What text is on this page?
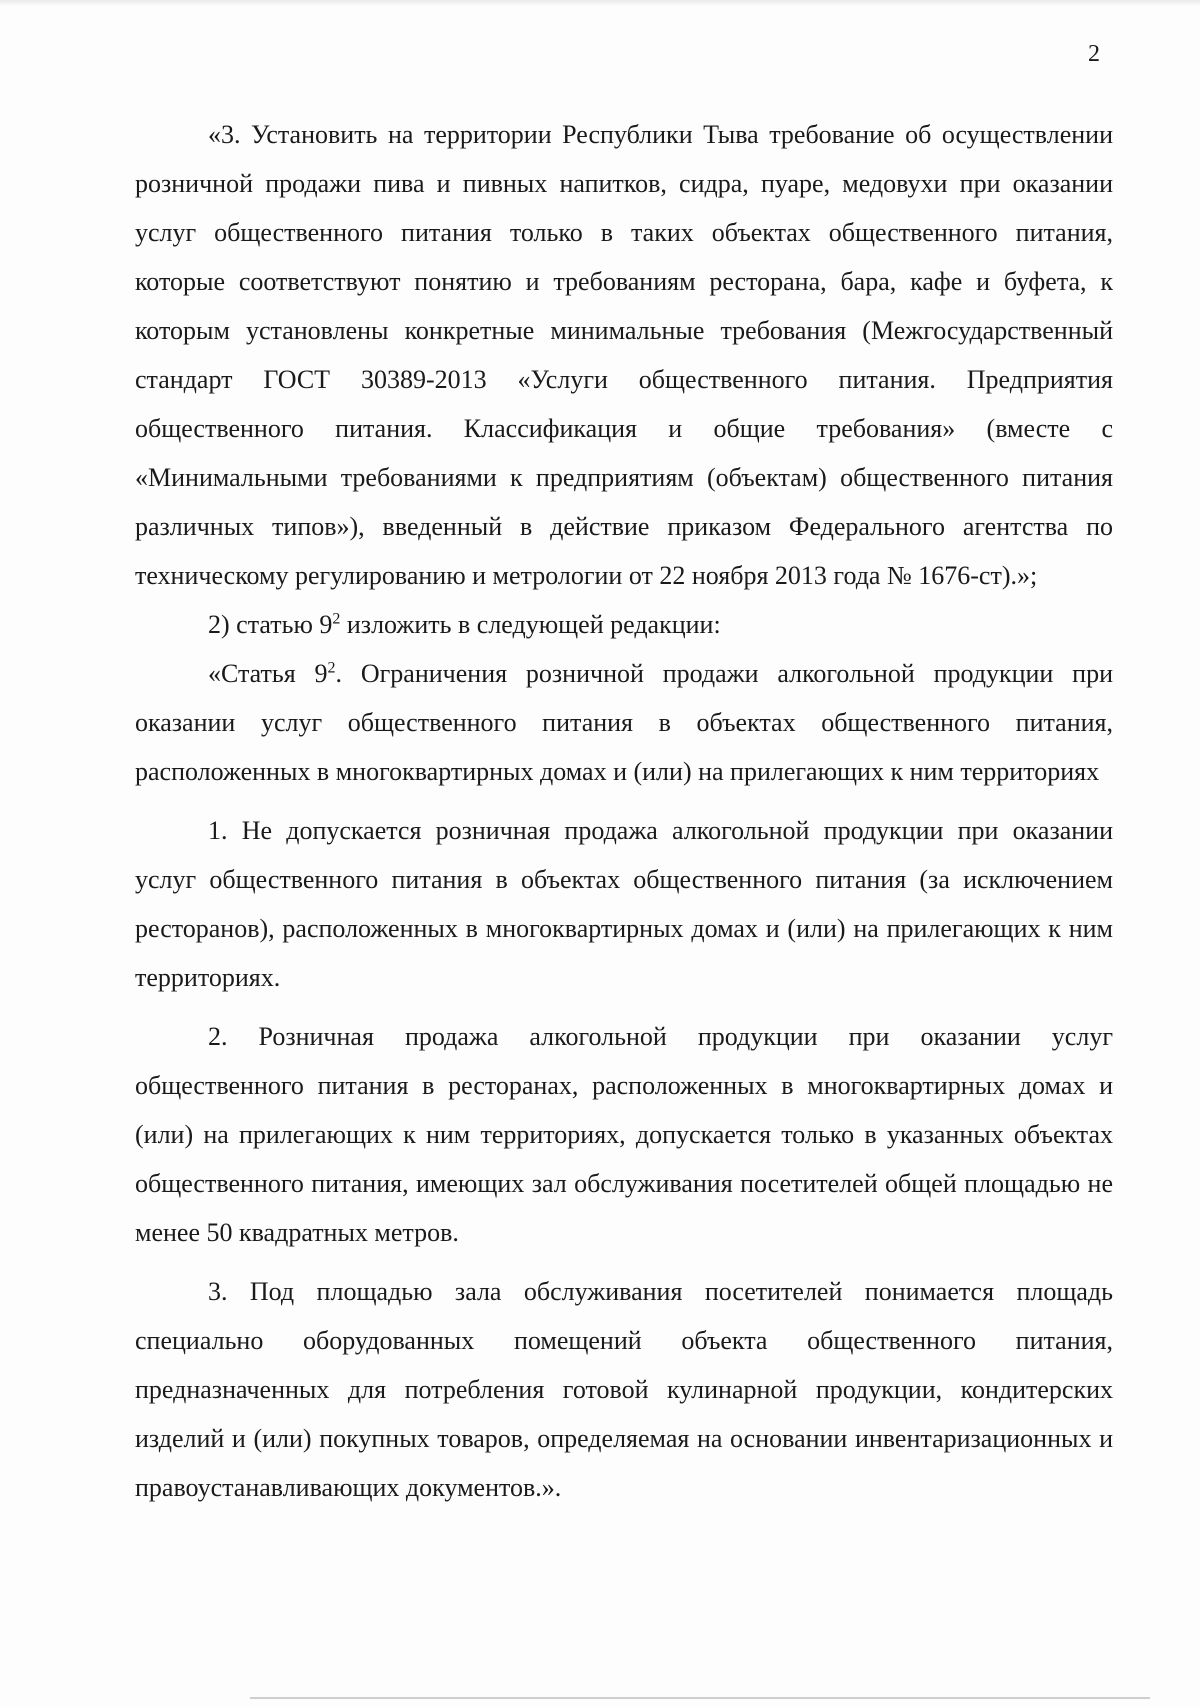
2

«3. Установить на территории Республики Тыва требование об осуществлении розничной продажи пива и пивных напитков, сидра, пуаре, медовухи при оказании услуг общественного питания только в таких объектах общественного питания, которые соответствуют понятию и требованиям ресторана, бара, кафе и буфета, к которым установлены конкретные минимальные требования (Межгосударственный стандарт ГОСТ 30389-2013 «Услуги общественного питания. Предприятия общественного питания. Классификация и общие требования» (вместе с «Минимальными требованиями к предприятиям (объектам) общественного питания различных типов»), введенный в действие приказом Федерального агентства по техническому регулированию и метрологии от 22 ноября 2013 года № 1676-ст).»;

2) статью $9^2$ изложить в следующей редакции:

«Статья $9^2$. Ограничения розничной продажи алкогольной продукции при оказании услуг общественного питания в объектах общественного питания, расположенных в многоквартирных домах и (или) на прилегающих к ним территориях

1. Не допускается розничная продажа алкогольной продукции при оказании услуг общественного питания в объектах общественного питания (за исключением ресторанов), расположенных в многоквартирных домах и (или) на прилегающих к ним территориях.

2. Розничная продажа алкогольной продукции при оказании услуг общественного питания в ресторанах, расположенных в многоквартирных домах и (или) на прилегающих к ним территориях, допускается только в указанных объектах общественного питания, имеющих зал обслуживания посетителей общей площадью не менее 50 квадратных метров.

3. Под площадью зала обслуживания посетителей понимается площадь специально оборудованных помещений объекта общественного питания, предназначенных для потребления готовой кулинарной продукции, кондитерских изделий и (или) покупных товаров, определяемая на основании инвентаризационных и правоустанавливающих документов.».
